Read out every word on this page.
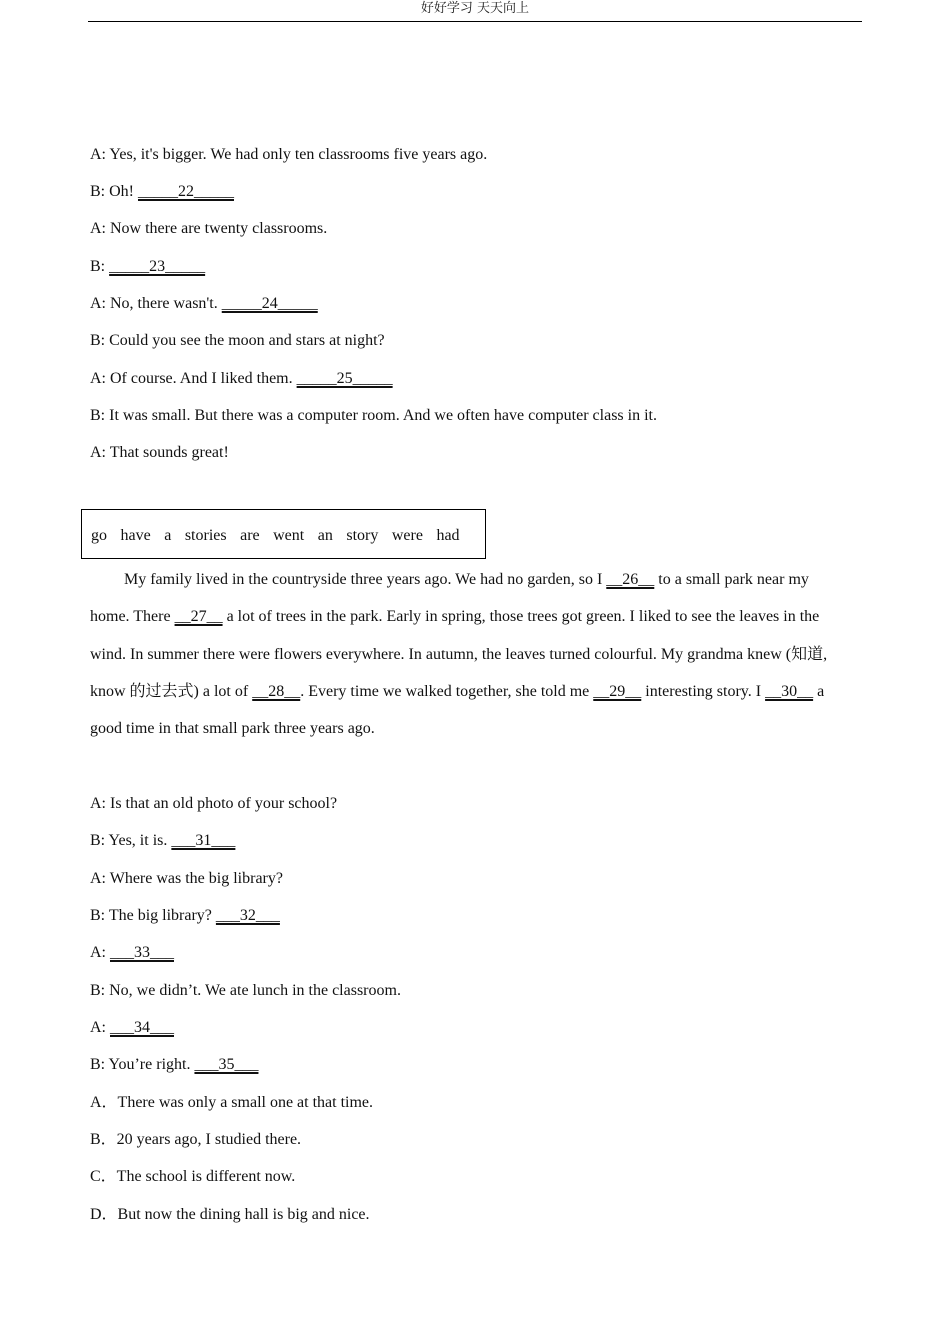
好好学习 天天向上
A: Yes, it's bigger. We had only ten classrooms five years ago.
B: Oh! _____22_____
A: Now there are twenty classrooms.
B: _____23_____
A: No, there wasn't. _____24_____
B: Could you see the moon and stars at night?
A: Of course. And I liked them. _____25_____
B: It was small. But there was a computer room. And we often have computer class in it.
A: That sounds great!
go have a stories are went an story were had
My family lived in the countryside three years ago. We had no garden, so I __26__ to a small park near my
home. There __27__ a lot of trees in the park. Early in spring, those trees got green. I liked to see the leaves in the
wind. In summer there were flowers everywhere. In autumn, the leaves turned colourful. My grandma knew (知道,
know 的过去式) a lot of __28__. Every time we walked together, she told me __29__ interesting story. I __30__ a
good time in that small park three years ago.
A: Is that an old photo of your school?
B: Yes, it is. ___31___
A: Where was the big library?
B: The big library? ___32___
A: ___33___
B: No, we didn’t. We ate lunch in the classroom.
A: ___34___
B: You’re right. ___35___
A．There was only a small one at that time.
B．20 years ago, I studied there.
C．The school is different now.
D．But now the dining hall is big and nice.
